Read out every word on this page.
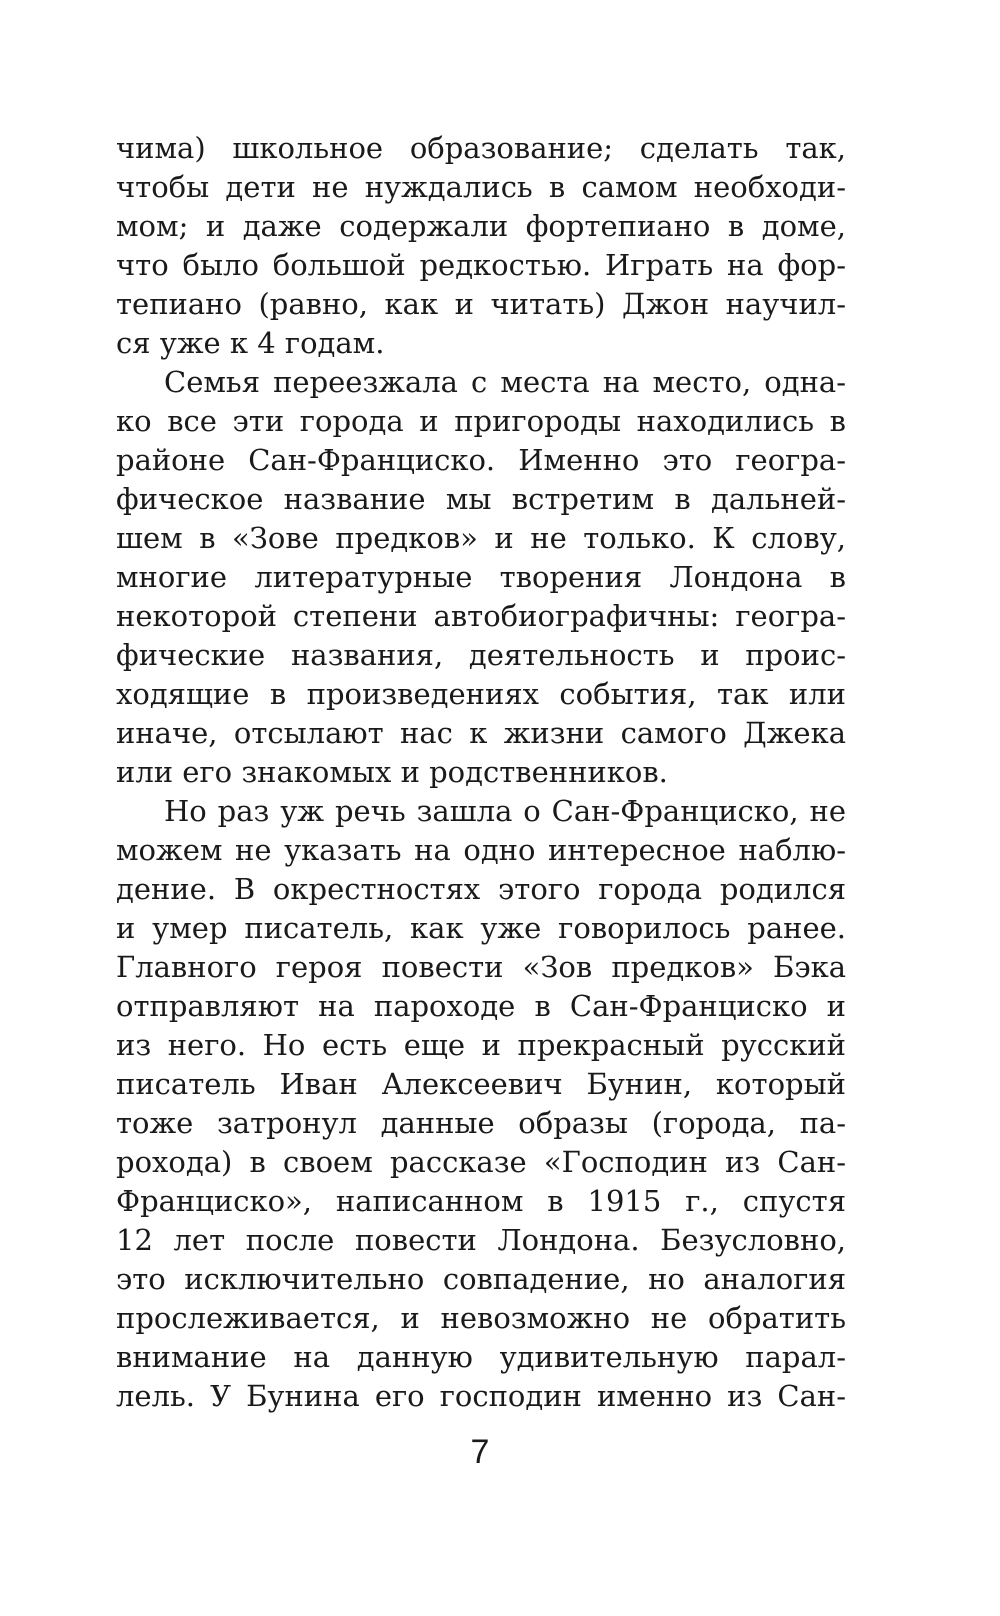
чима) школьное образование; сделать так,
чтобы дети не нуждались в самом необходи-
мом; и даже содержали фортепиано в доме,
что было большой редкостью. Играть на фор-
тепиано (равно, как и читать) Джон научил-
ся уже к 4 годам.
Семья переезжала с места на место, одна-
ко все эти города и пригороды находились в
районе Сан-Франциско. Именно это геогра-
фическое название мы встретим в дальней-
шем в «Зове предков» и не только. К слову,
многие литературные творения Лондона в
некоторой степени автобиографичны: геогра-
фические названия, деятельность и проис-
ходящие в произведениях события, так или
иначе, отсылают нас к жизни самого Джека
или его знакомых и родственников.
Но раз уж речь зашла о Сан-Франциско, не
можем не указать на одно интересное наблю-
дение. В окрестностях этого города родился
и умер писатель, как уже говорилось ранее.
Главного героя повести «Зов предков» Бэка
отправляют на пароходе в Сан-Франциско и
из него. Но есть еще и прекрасный русский
писатель Иван Алексеевич Бунин, который
тоже затронул данные образы (города, па-
рохода) в своем рассказе «Господин из Сан-
Франциско», написанном в 1915 г., спустя
12 лет после повести Лондона. Безусловно,
это исключительно совпадение, но аналогия
прослеживается, и невозможно не обратить
внимание на данную удивительную парал-
лель. У Бунина его господин именно из Сан-
7
